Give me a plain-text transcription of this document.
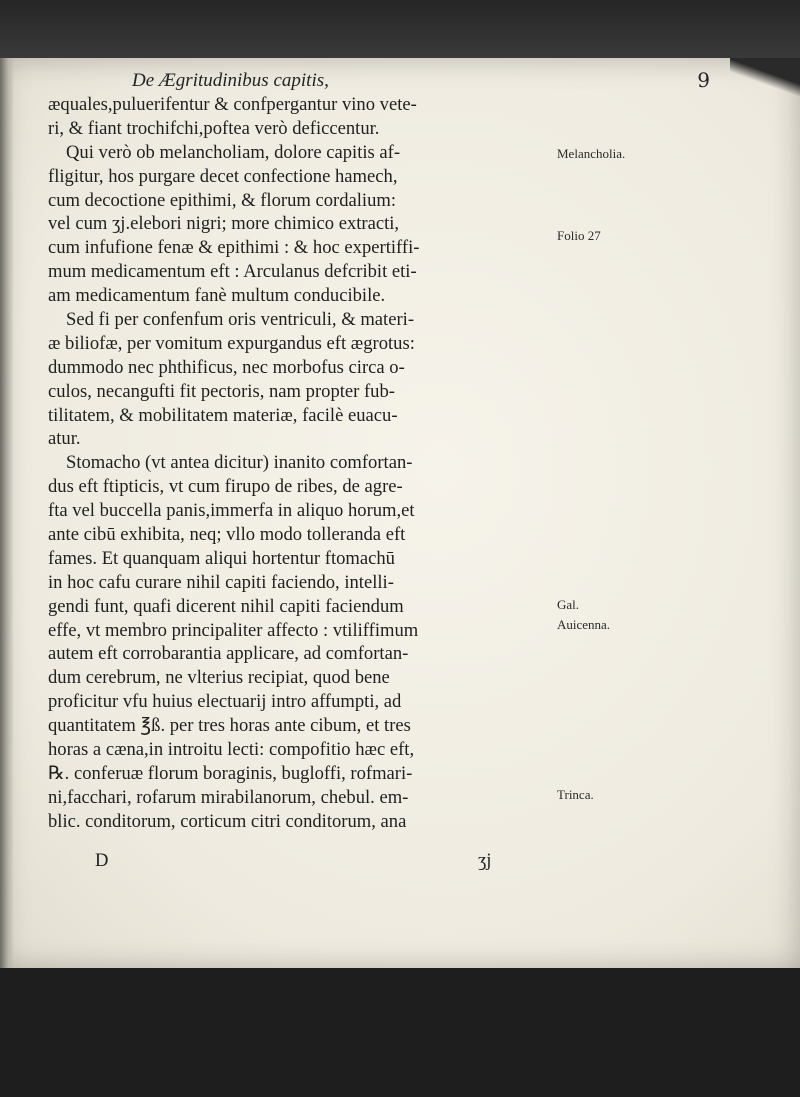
De Ægritudinibus capitis,	9
æquales,puluerifentur & confpergantur vino vete-
ri, & fiant trochifchi,poftea verò deficcentur.
Qui verò ob melancholiam, dolore capitis af-
fligitur, hos purgare decet confectione hamech,
cum decoctione epithimi, & florum cordalium:
vel cum ʒj.elebori nigri; more chimico extracti,
cum infufione fenæ & epithimi : & hoc expertiffi-
mum medicamentum eft : Arculanus defcribit eti-
am medicamentum fanè multum conducibile.
Sed fi per confenfum oris ventriculi, & materi-
æ biliofæ, per vomitum expurgandus eft ægrotus:
dummodo nec phthificus, nec morbofus circa o-
culos, necangufti fit pectoris, nam propter fub-
tilitatem, & mobilitatem materiæ, facilè euacu-
atur.
Stomacho (vt antea dicitur) inanito comfortan-
dus eft ftipticis, vt cum firupo de ribes, de agre-
fta vel buccella panis,immerfa in aliquo horum,et
ante cibū exhibita, neq; vllo modo tolleranda eft
fames. Et quanquam aliqui hortentur ftomachū
in hoc cafu curare nihil capiti faciendo, intelli-
gendi funt, quafi dicerent nihil capiti faciendum
effe, vt membro principaliter affecto : vtiliffimum
autem eft corrobarantia applicare, ad comfortan-
dum cerebrum, ne vlterius recipiat, quod bene
proficitur vfu huius electuarij intro affumpti, ad
quantitatem ℥ß. per tres horas ante cibum, et tres
horas a cæna,in introitu lecti: compofitio hæc eft,
℞. conferuæ florum boraginis, bugloffi, rofmari-
ni,facchari, rofarum mirabilanorum, chebul. em-
blic. conditorum, corticum citri conditorum, ana
Melancholia.
Folio 27
Gal.
Auicenna.
Trinca.
D	ʒj
